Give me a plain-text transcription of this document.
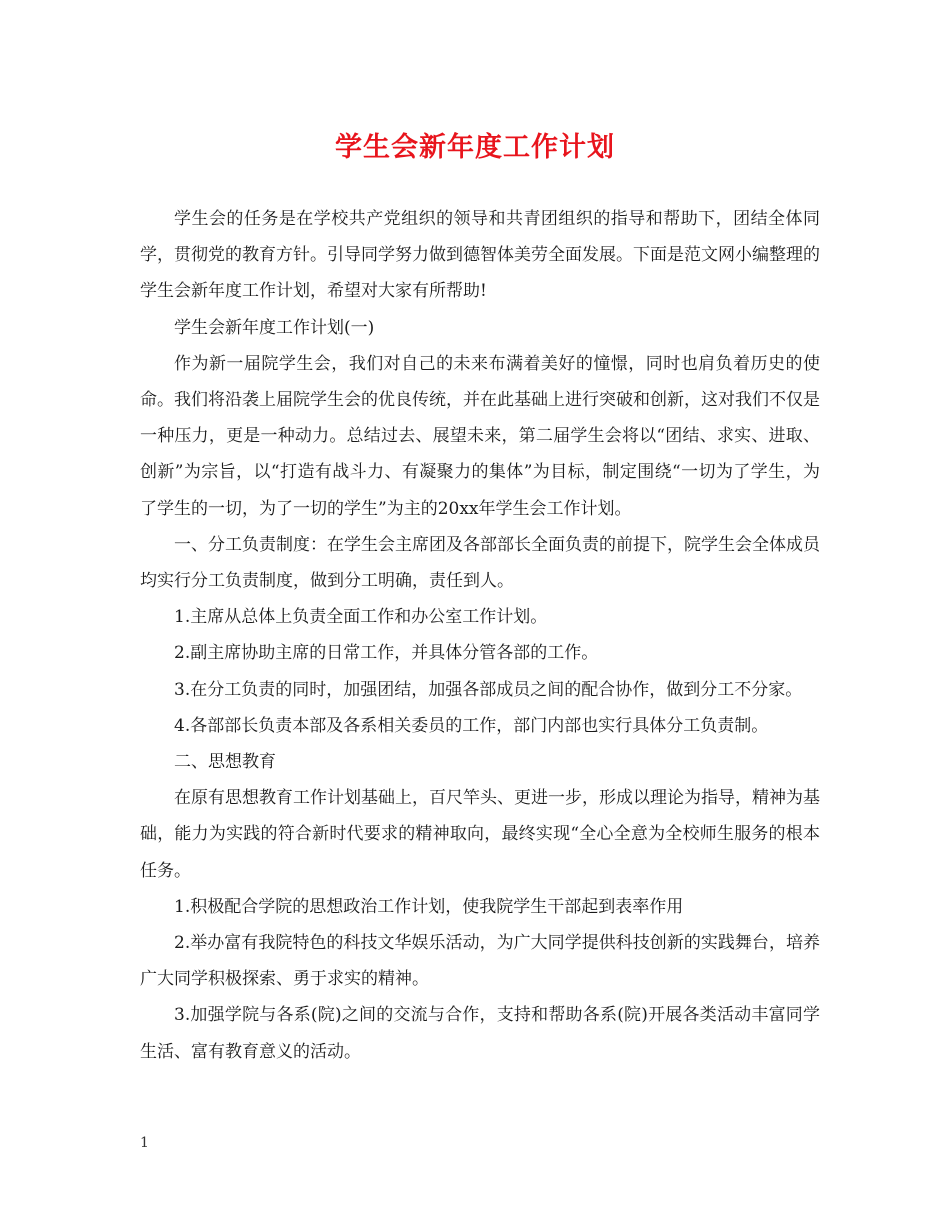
学生会新年度工作计划

学生会的任务是在学校共产党组织的领导和共青团组织的指导和帮助下，团结全体同学，贯彻党的教育方针。引导同学努力做到德智体美劳全面发展。下面是范文网小编整理的学生会新年度工作计划，希望对大家有所帮助!

学生会新年度工作计划(一)

作为新一届院学生会，我们对自己的未来布满着美好的憧憬，同时也肩负着历史的使命。我们将沿袭上届院学生会的优良传统，并在此基础上进行突破和创新，这对我们不仅是一种压力，更是一种动力。总结过去、展望未来，第二届学生会将以“团结、求实、进取、创新”为宗旨，以“打造有战斗力、有凝聚力的集体”为目标，制定围绕“一切为了学生，为了学生的一切，为了一切的学生”为主的20xx年学生会工作计划。

一、分工负责制度：在学生会主席团及各部部长全面负责的前提下，院学生会全体成员均实行分工负责制度，做到分工明确，责任到人。

1.主席从总体上负责全面工作和办公室工作计划。

2.副主席协助主席的日常工作，并具体分管各部的工作。

3.在分工负责的同时，加强团结，加强各部成员之间的配合协作，做到分工不分家。

4.各部部长负责本部及各系相关委员的工作，部门内部也实行具体分工负责制。

二、思想教育

在原有思想教育工作计划基础上，百尺竿头、更进一步，形成以理论为指导，精神为基础，能力为实践的符合新时代要求的精神取向，最终实现“全心全意为全校师生服务的根本任务。

1.积极配合学院的思想政治工作计划，使我院学生干部起到表率作用

2.举办富有我院特色的科技文华娱乐活动，为广大同学提供科技创新的实践舞台，培养广大同学积极探索、勇于求实的精神。

3.加强学院与各系(院)之间的交流与合作，支持和帮助各系(院)开展各类活动丰富同学生活、富有教育意义的活动。

1
